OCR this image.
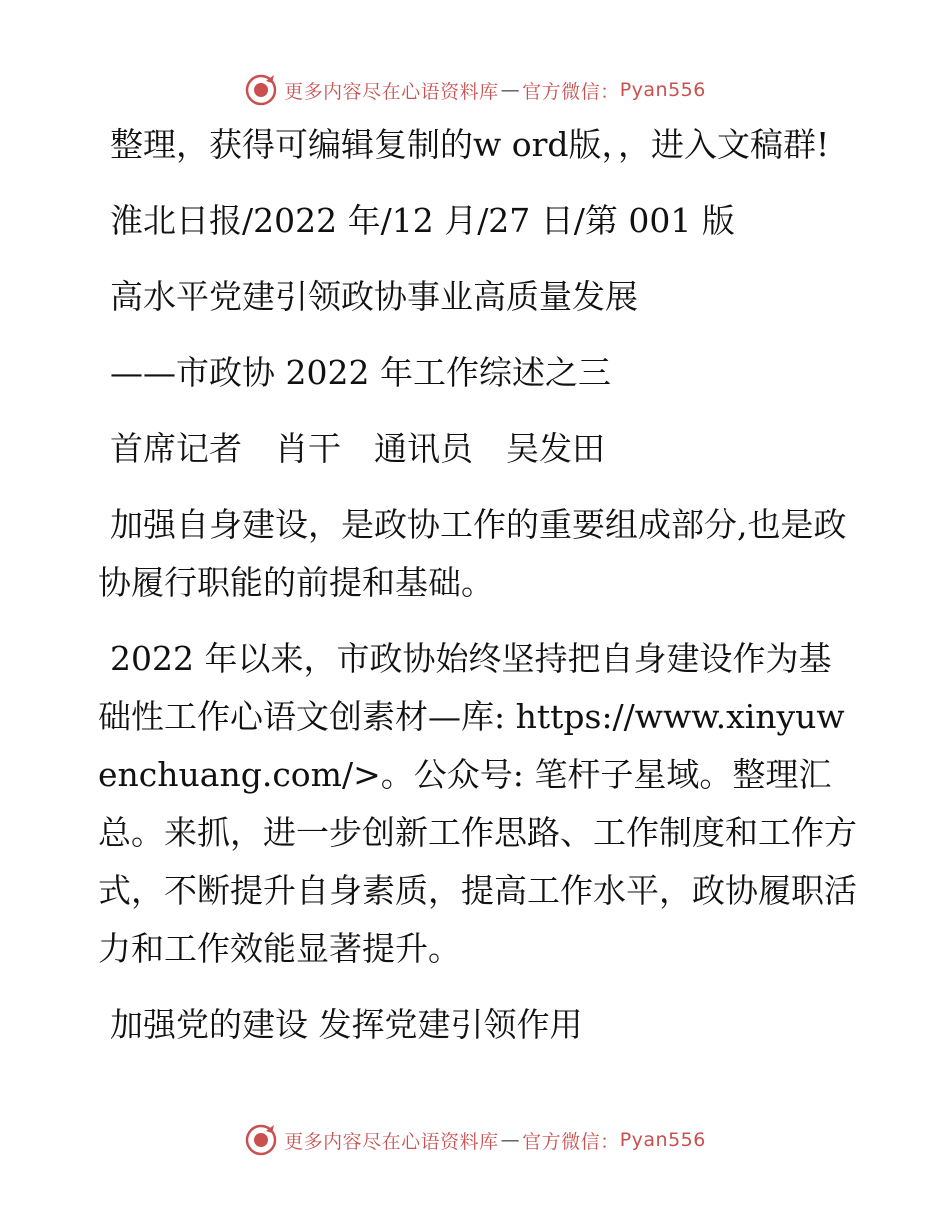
更多内容尽在心语资料库 — 官方微信： Pyan556

整理，获得可编辑复制的w ord版，，进入文稿群!

淮北日报/2022 年/12 月/27 日/第 001 版

高水平党建引领政协事业高质量发展

——市政协 2022 年工作综述之三

首席记者　肖干　通讯员　吴发田

加强自身建设，是政协工作的重要组成部分,也是政协履行职能的前提和基础。

2022 年以来，市政协始终坚持把自身建设作为基础性工作心语文创素材—库: https://www.xinyuwenchuang.com/>。公众号: 笔杆子星域。整理汇总。来抓，进一步创新工作思路、工作制度和工作方式，不断提升自身素质，提高工作水平，政协履职活力和工作效能显著提升。

加强党的建设 发挥党建引领作用

更多内容尽在心语资料库 — 官方微信： Pyan556
